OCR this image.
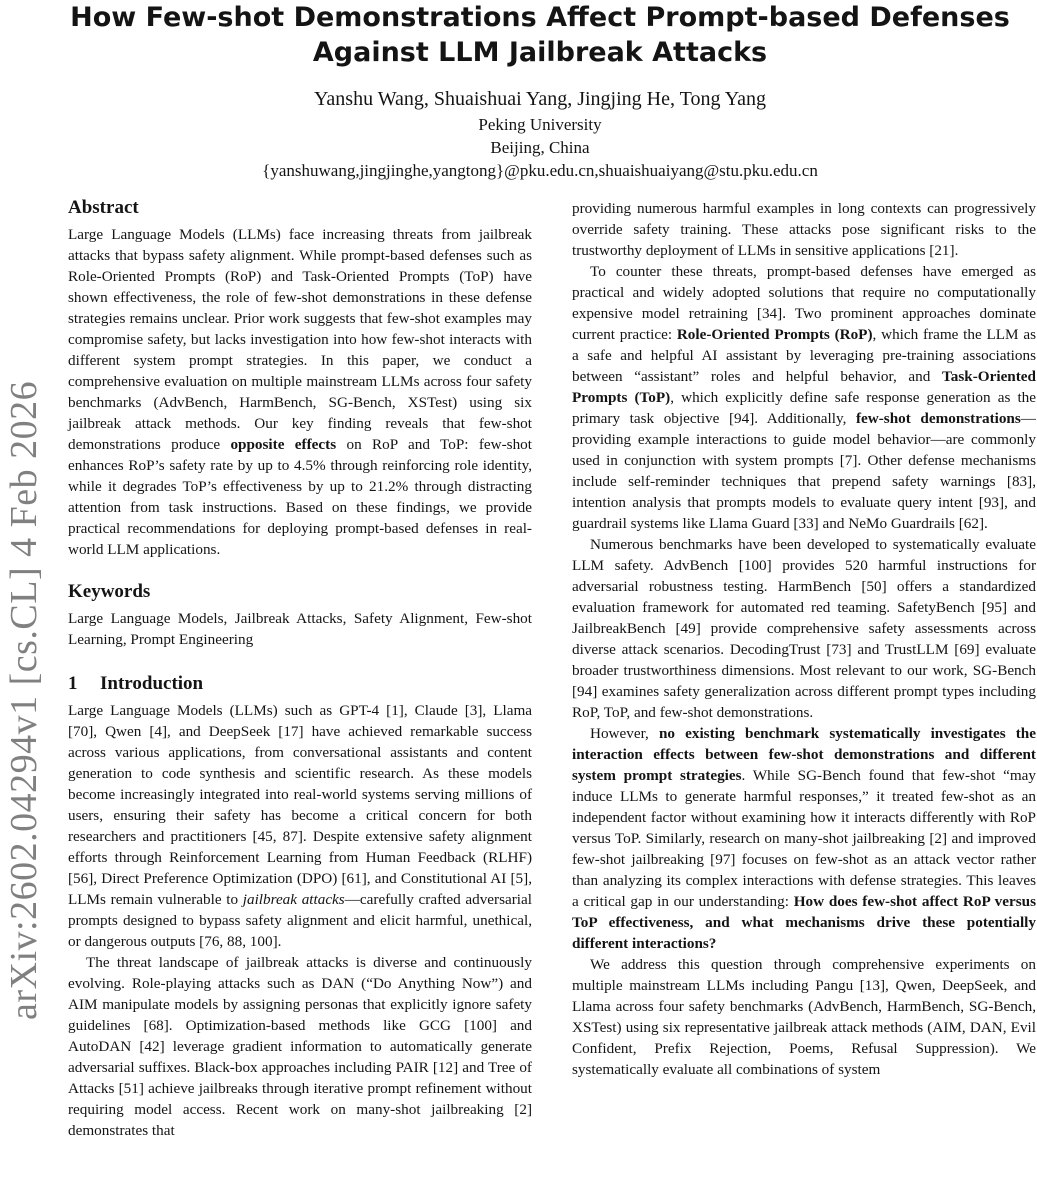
How Few-shot Demonstrations Affect Prompt-based Defenses
Against LLM Jailbreak Attacks
Yanshu Wang, Shuaishuai Yang, Jingjing He, Tong Yang
Peking University
Beijing, China
{yanshuwang,jingjinghe,yangtong}@pku.edu.cn,shuaishuaiyang@stu.pku.edu.cn
arXiv:2602.04294v1 [cs.CL] 4 Feb 2026
Abstract

Large Language Models (LLMs) face increasing threats from jailbreak attacks that bypass safety alignment. While prompt-based defenses such as Role-Oriented Prompts (RoP) and Task-Oriented Prompts (ToP) have shown effectiveness, the role of few-shot demonstrations in these defense strategies remains unclear. Prior work suggests that few-shot examples may compromise safety, but lacks investigation into how few-shot interacts with different system prompt strategies. In this paper, we conduct a comprehensive evaluation on multiple mainstream LLMs across four safety benchmarks (AdvBench, HarmBench, SG-Bench, XSTest) using six jailbreak attack methods. Our key finding reveals that few-shot demonstrations produce opposite effects on RoP and ToP: few-shot enhances RoP’s safety rate by up to 4.5% through reinforcing role identity, while it degrades ToP’s effectiveness by up to 21.2% through distracting attention from task instructions. Based on these findings, we provide practical recommendations for deploying prompt-based defenses in real-world LLM applications.

Keywords

Large Language Models, Jailbreak Attacks, Safety Alignment, Few-shot Learning, Prompt Engineering

1 Introduction

Large Language Models (LLMs) such as GPT-4 [1], Claude [3], Llama [70], Qwen [4], and DeepSeek [17] have achieved remarkable success across various applications, from conversational assistants and content generation to code synthesis and scientific research. As these models become increasingly integrated into real-world systems serving millions of users, ensuring their safety has become a critical concern for both researchers and practitioners [45, 87]. Despite extensive safety alignment efforts through Reinforcement Learning from Human Feedback (RLHF) [56], Direct Preference Optimization (DPO) [61], and Constitutional AI [5], LLMs remain vulnerable to jailbreak attacks—carefully crafted adversarial prompts designed to bypass safety alignment and elicit harmful, unethical, or dangerous outputs [76, 88, 100].

The threat landscape of jailbreak attacks is diverse and continuously evolving. Role-playing attacks such as DAN (“Do Anything Now”) and AIM manipulate models by assigning personas that explicitly ignore safety guidelines [68]. Optimization-based methods like GCG [100] and AutoDAN [42] leverage gradient information to automatically generate adversarial suffixes. Black-box approaches including PAIR [12] and Tree of Attacks [51] achieve jailbreaks through iterative prompt refinement without requiring model access. Recent work on many-shot jailbreaking [2] demonstrates that

providing numerous harmful examples in long contexts can progressively override safety training. These attacks pose significant risks to the trustworthy deployment of LLMs in sensitive applications [21].

To counter these threats, prompt-based defenses have emerged as practical and widely adopted solutions that require no computationally expensive model retraining [34]. Two prominent approaches dominate current practice: Role-Oriented Prompts (RoP), which frame the LLM as a safe and helpful AI assistant by leveraging pre-training associations between “assistant” roles and helpful behavior, and Task-Oriented Prompts (ToP), which explicitly define safe response generation as the primary task objective [94]. Additionally, few-shot demonstrations—providing example interactions to guide model behavior—are commonly used in conjunction with system prompts [7]. Other defense mechanisms include self-reminder techniques that prepend safety warnings [83], intention analysis that prompts models to evaluate query intent [93], and guardrail systems like Llama Guard [33] and NeMo Guardrails [62].

Numerous benchmarks have been developed to systematically evaluate LLM safety. AdvBench [100] provides 520 harmful instructions for adversarial robustness testing. HarmBench [50] offers a standardized evaluation framework for automated red teaming. SafetyBench [95] and JailbreakBench [49] provide comprehensive safety assessments across diverse attack scenarios. DecodingTrust [73] and TrustLLM [69] evaluate broader trustworthiness dimensions. Most relevant to our work, SG-Bench [94] examines safety generalization across different prompt types including RoP, ToP, and few-shot demonstrations.

However, no existing benchmark systematically investigates the interaction effects between few-shot demonstrations and different system prompt strategies. While SG-Bench found that few-shot “may induce LLMs to generate harmful responses,” it treated few-shot as an independent factor without examining how it interacts differently with RoP versus ToP. Similarly, research on many-shot jailbreaking [2] and improved few-shot jailbreaking [97] focuses on few-shot as an attack vector rather than analyzing its complex interactions with defense strategies. This leaves a critical gap in our understanding: How does few-shot affect RoP versus ToP effectiveness, and what mechanisms drive these potentially different interactions?

We address this question through comprehensive experiments on multiple mainstream LLMs including Pangu [13], Qwen, DeepSeek, and Llama across four safety benchmarks (AdvBench, HarmBench, SG-Bench, XSTest) using six representative jailbreak attack methods (AIM, DAN, Evil Confident, Prefix Rejection, Poems, Refusal Suppression). We systematically evaluate all combinations of system
